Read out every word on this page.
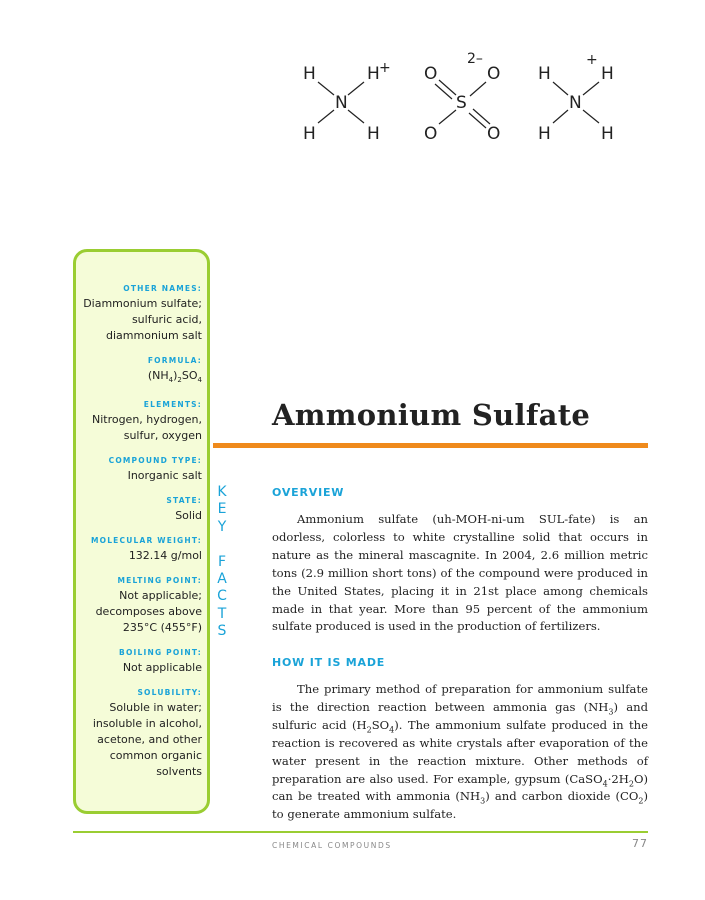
H	H +
N
H	H
2–
O	O
S
O	O
+
H	H
N
H	H
OTHER NAMES:
Diammonium sulfate;
sulfuric acid,
diammonium salt
FORMULA:
$(NH_4)_2SO_4$
ELEMENTS:
Nitrogen, hydrogen,
sulfur, oxygen
COMPOUND TYPE:
Inorganic salt
STATE:
Solid
MOLECULAR WEIGHT:
132.14 g/mol
MELTING POINT:
Not applicable;
decomposes above
235°C (455°F)
BOILING POINT:
Not applicable
SOLUBILITY:
Soluble in water;
insoluble in alcohol,
acetone, and other
common organic
solvents
K
E
Y

F
A
C
T
S
Ammonium Sulfate
OVERVIEW

Ammonium sulfate (uh-MOH-ni-um SUL-fate) is an odorless, colorless to white crystalline solid that occurs in nature as the mineral mascagnite. In 2004, 2.6 million metric tons (2.9 million short tons) of the compound were produced in the United States, placing it in 21st place among chemicals made in that year. More than 95 percent of the ammonium sulfate produced is used in the production of fertilizers.

HOW IT IS MADE

The primary method of preparation for ammonium sulfate is the direction reaction between ammonia gas $(NH_3)$ and sulfuric acid $(H_2SO_4)$. The ammonium sulfate produced in the reaction is recovered as white crystals after evaporation of the water present in the reaction mixture. Other methods of preparation are also used. For example, gypsum $(CaSO_4\cdot 2H_2O)$ can be treated with ammonia $(NH_3)$ and carbon dioxide $(CO_2)$ to generate ammonium sulfate.

CHEMICAL COMPOUNDS	77
